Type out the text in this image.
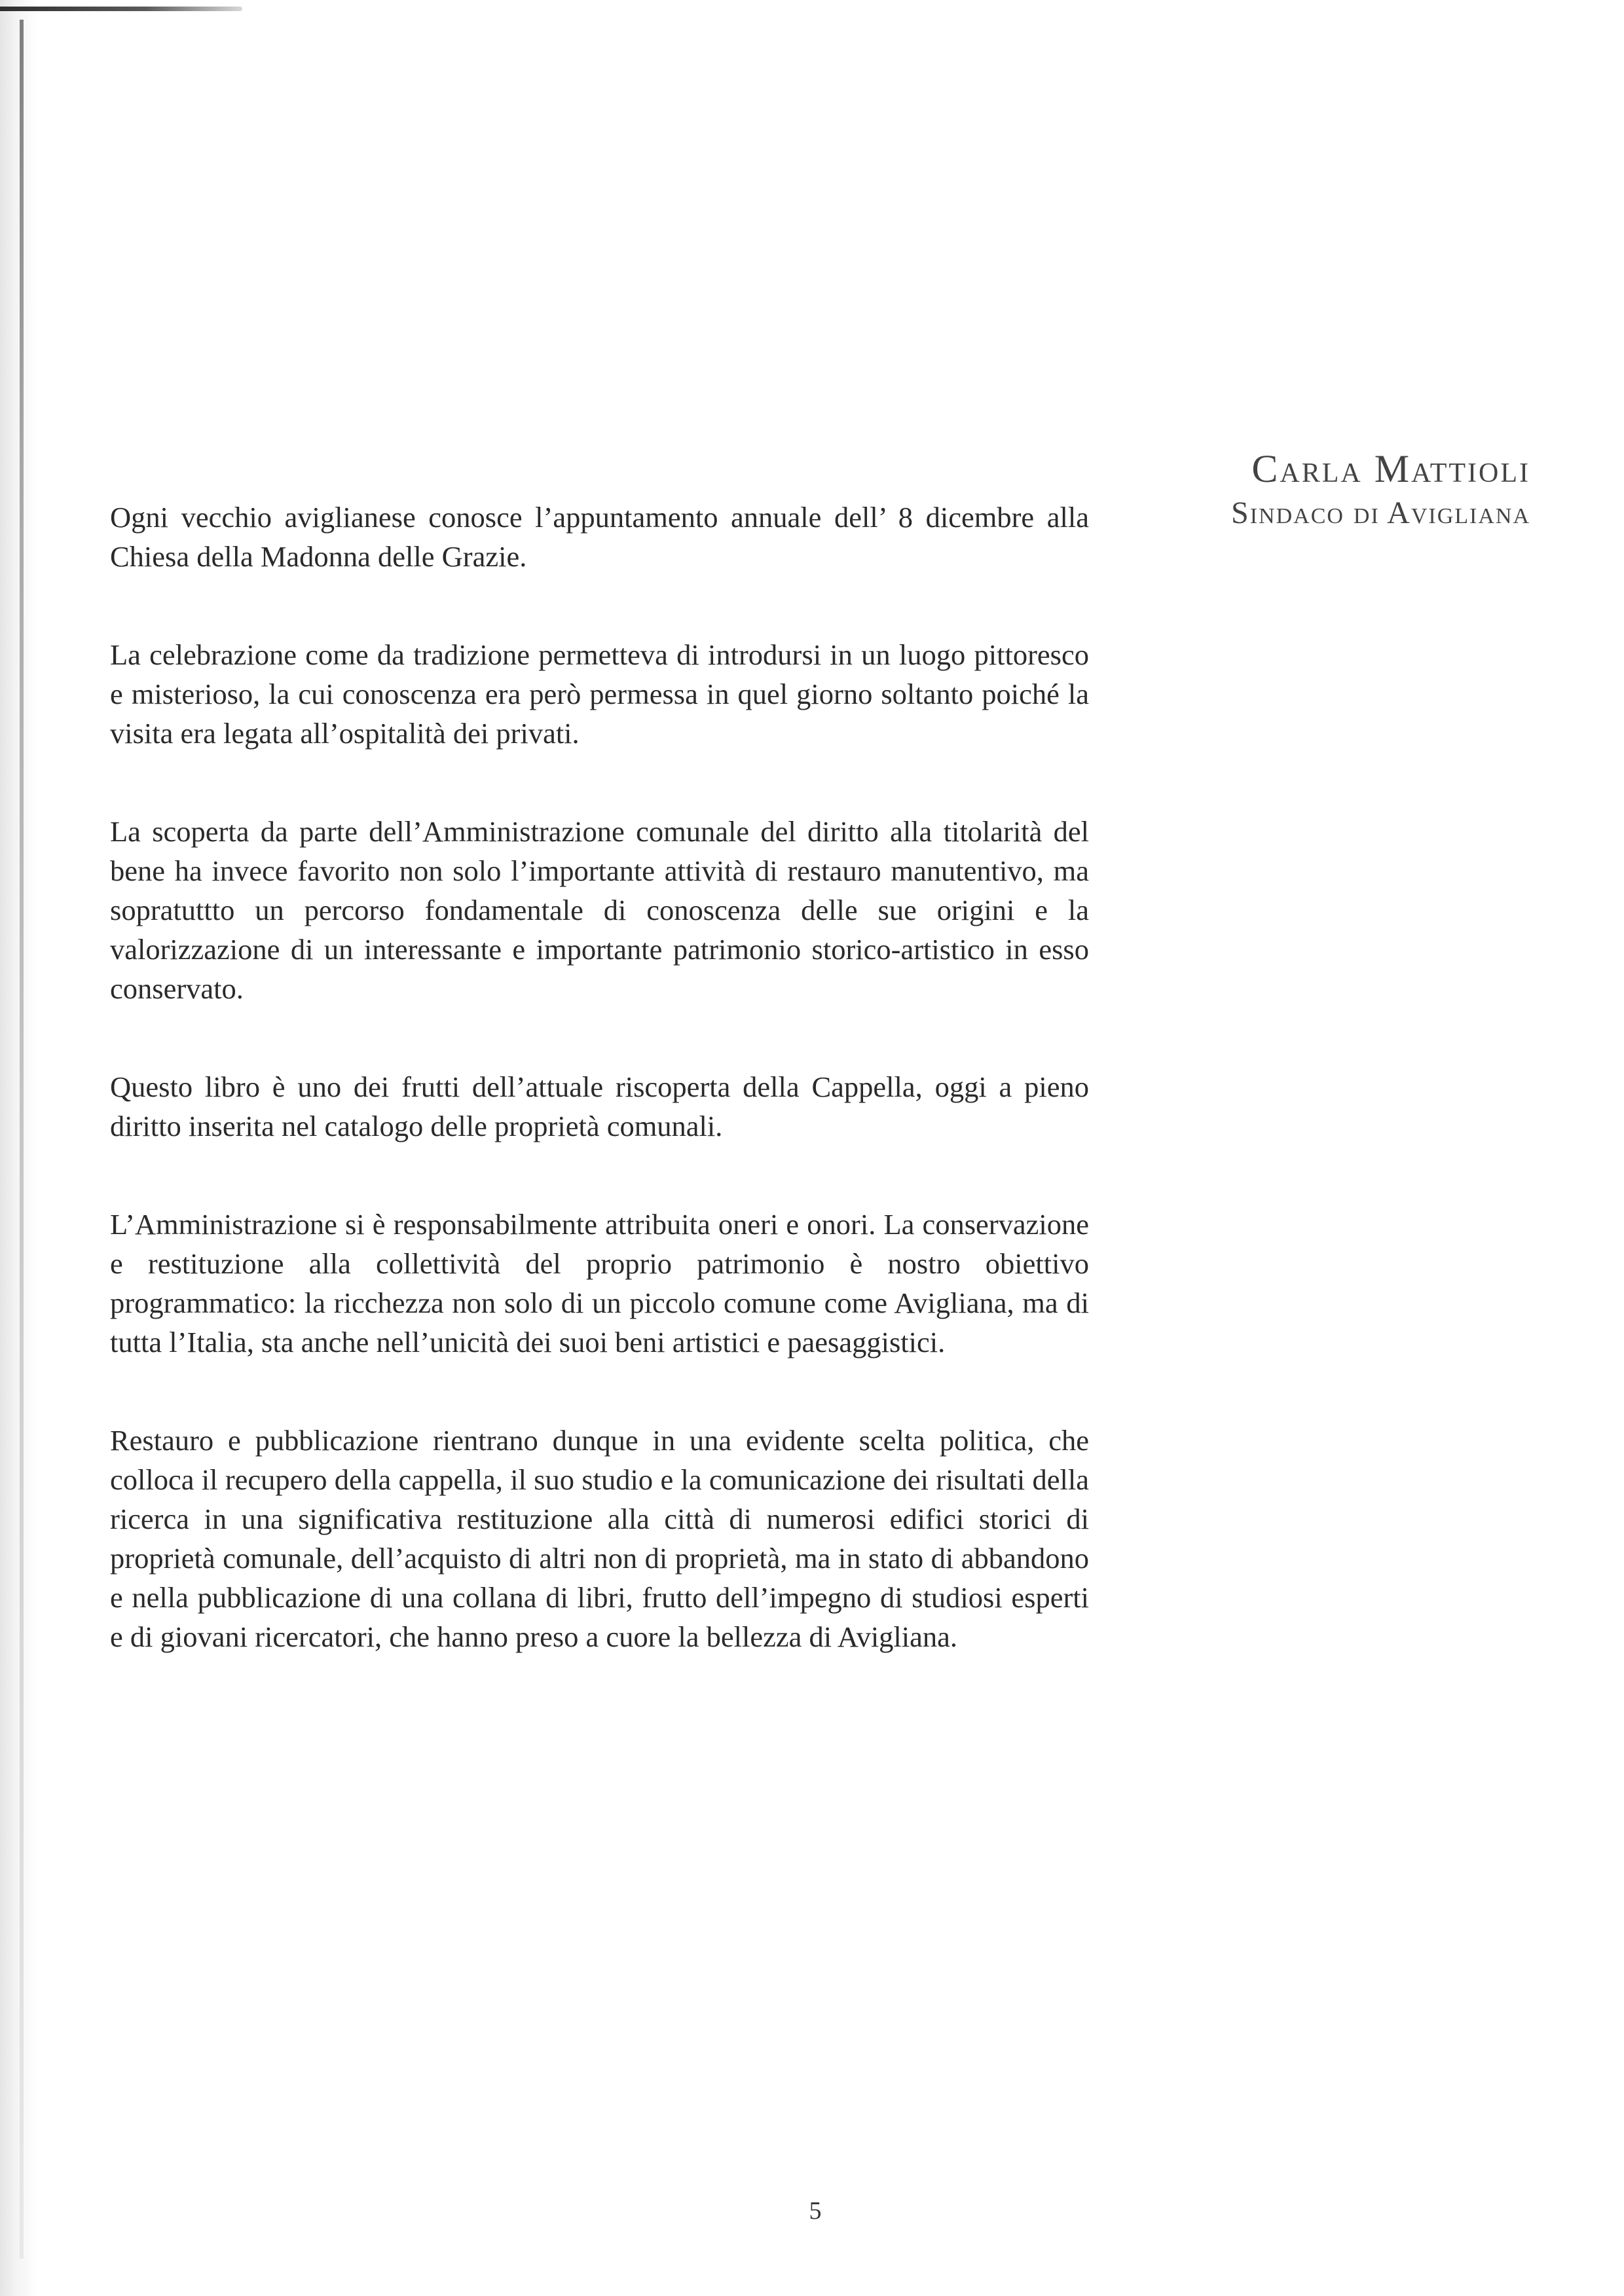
Carla Mattioli
Sindaco di Avigliana

Ogni vecchio aviglianese conosce l’appuntamento annuale dell’ 8 dicembre alla Chiesa della Madonna delle Grazie.

La celebrazione come da tradizione permetteva di introdursi in un luogo pittoresco e misterioso, la cui conoscenza era però permessa in quel giorno soltanto poiché la visita era legata all’ospitalità dei privati.

La scoperta da parte dell’Amministrazione comunale del diritto alla titolarità del bene ha invece favorito non solo l’importante attività di restauro manutentivo, ma sopratuttto un percorso fondamentale di conoscenza delle sue origini e la valorizzazione di un interessante e importante patrimonio storico-artistico in esso conservato.

Questo libro è uno dei frutti dell’attuale riscoperta della Cappella, oggi a pieno diritto inserita nel catalogo delle proprietà comunali.

L’Amministrazione si è responsabilmente attribuita oneri e onori. La conservazione e restituzione alla collettività del proprio patrimonio è nostro obiettivo programmatico: la ricchezza non solo di un piccolo comune come Avigliana, ma di tutta l’Italia, sta anche nell’unicità dei suoi beni artistici e paesaggistici.

Restauro e pubblicazione rientrano dunque in una evidente scelta politica, che colloca il recupero della cappella, il suo studio e la comunicazione dei risultati della ricerca in una significativa restituzione alla città di numerosi edifici storici di proprietà comunale, dell’acquisto di altri non di proprietà, ma in stato di abbandono e nella pubblicazione di una collana di libri, frutto dell’impegno di studiosi esperti e di giovani ricercatori, che hanno preso a cuore la bellezza di Avigliana.

5
